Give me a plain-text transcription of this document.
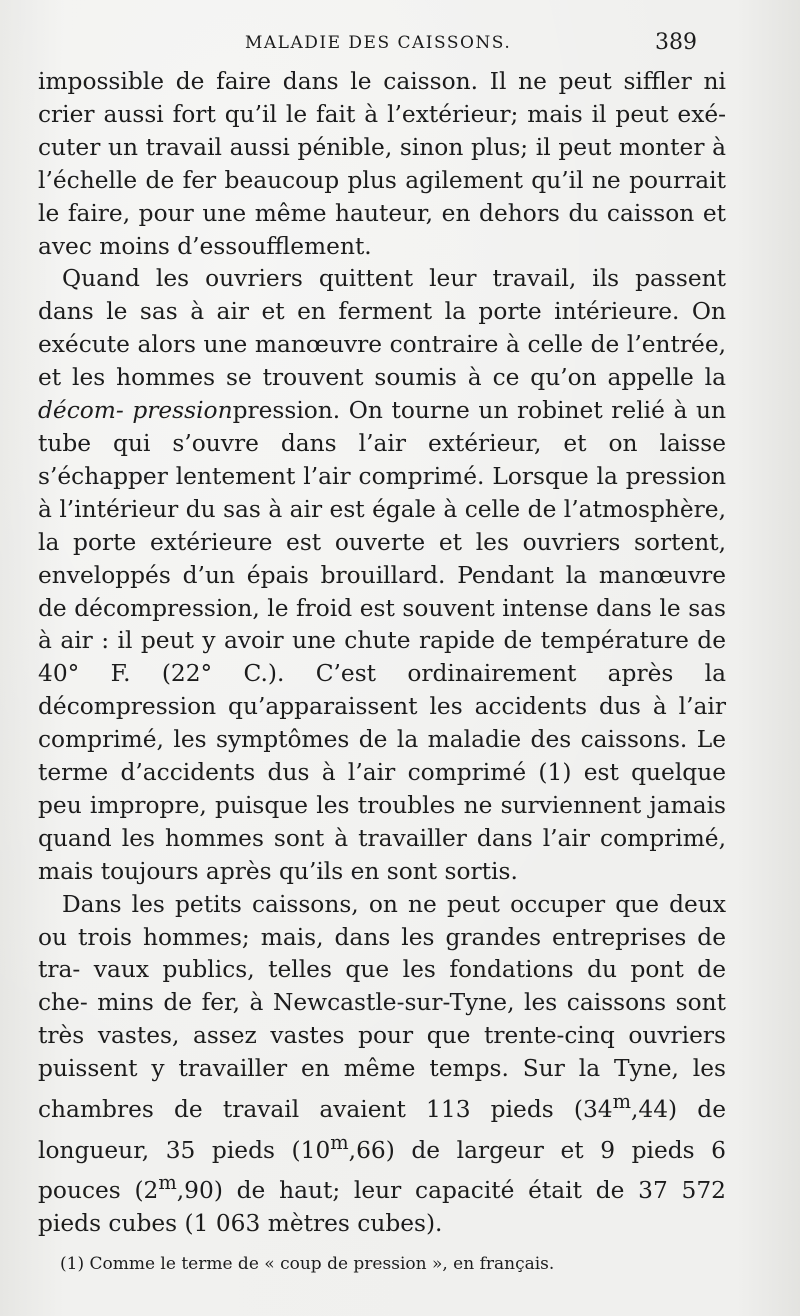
MALADIE DES CAISSONS.	389

impossible de faire dans le caisson. Il ne peut siffler ni crier aussi fort qu’il le fait à l’extérieur; mais il peut exé- cuter un travail aussi pénible, sinon plus; il peut monter à l’échelle de fer beaucoup plus agilement qu’il ne pourrait le faire, pour une même hauteur, en dehors du caisson et avec moins d’essoufflement.

Quand les ouvriers quittent leur travail, ils passent dans le sas à air et en ferment la porte intérieure. On exécute alors une manœuvre contraire à celle de l’entrée, et les hommes se trouvent soumis à ce qu’on appelle la décom- pressionpression. On tourne un robinet relié à un tube qui s’ouvre dans l’air extérieur, et on laisse s’échapper lentement l’air comprimé. Lorsque la pression à l’intérieur du sas à air est égale à celle de l’atmosphère, la porte extérieure est ouverte et les ouvriers sortent, enveloppés d’un épais brouillard. Pendant la manœuvre de décompression, le froid est souvent intense dans le sas à air : il peut y avoir une chute rapide de température de 40° F. (22° C.). C’est ordinairement après la décompression qu’apparaissent les accidents dus à l’air comprimé, les symptômes de la maladie des caissons. Le terme d’accidents dus à l’air comprimé (1) est quelque peu impropre, puisque les troubles ne surviennent jamais quand les hommes sont à travailler dans l’air comprimé, mais toujours après qu’ils en sont sortis.

Dans les petits caissons, on ne peut occuper que deux ou trois hommes; mais, dans les grandes entreprises de tra- vaux publics, telles que les fondations du pont de che- mins de fer, à Newcastle-sur-Tyne, les caissons sont très vastes, assez vastes pour que trente-cinq ouvriers puissent y travailler en même temps. Sur la Tyne, les chambres de travail avaient 113 pieds (34$^m$,44) de longueur, 35 pieds (10$^m$,66) de largeur et 9 pieds 6 pouces (2$^m$,90) de haut; leur capacité était de 37 572 pieds cubes (1 063 mètres cubes).

(1) Comme le terme de « coup de pression », en français.
